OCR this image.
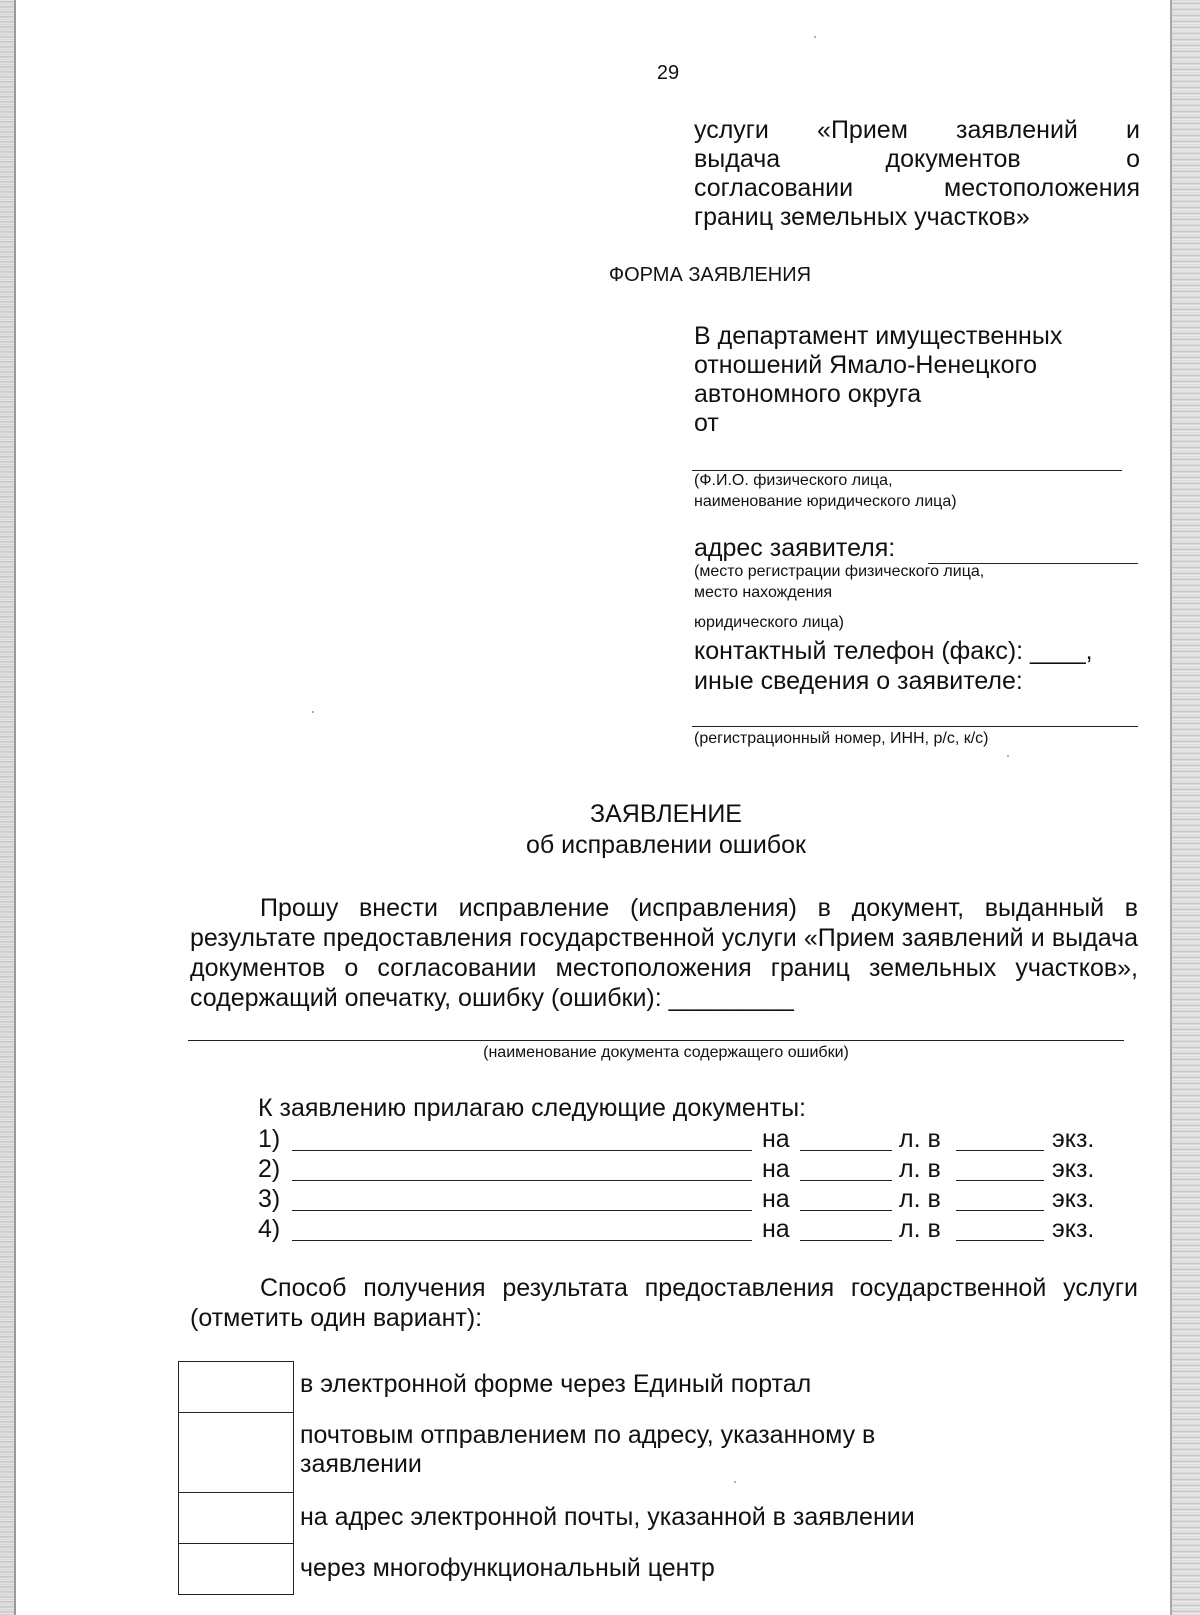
29
услуги «Прием заявлений и
выдача документов о
согласовании местоположения
границ земельных участков»
ФОРМА ЗАЯВЛЕНИЯ
В департамент имущественных
отношений Ямало-Ненецкого
автономного округа
от
(Ф.И.О. физического лица, наименование юридического лица)
адрес заявителя:
(место регистрации физического лица, место нахождения
юридического лица)
контактный телефон (факс): ____,
иные сведения о заявителе:
(регистрационный номер, ИНН, р/с, к/с)
ЗАЯВЛЕНИЕ
об исправлении ошибок
Прошу внести исправление (исправления) в документ, выданный в результате предоставления государственной услуги «Прием заявлений и выдача документов о согласовании местоположения границ земельных участков», содержащий опечатку, ошибку (ошибки): _________
(наименование документа содержащего ошибки)
К заявлению прилагаю следующие документы:
1)	на	л. в	экз.
2)	на	л. в	экз.
3)	на	л. в	экз.
4)	на	л. в	экз.
Способ получения результата предоставления государственной услуги (отметить один вариант):
	в электронной форме через Единый портал
	почтовым отправлением по адресу, указанному в заявлении
	на адрес электронной почты, указанной в заявлении
	через многофункциональный центр
